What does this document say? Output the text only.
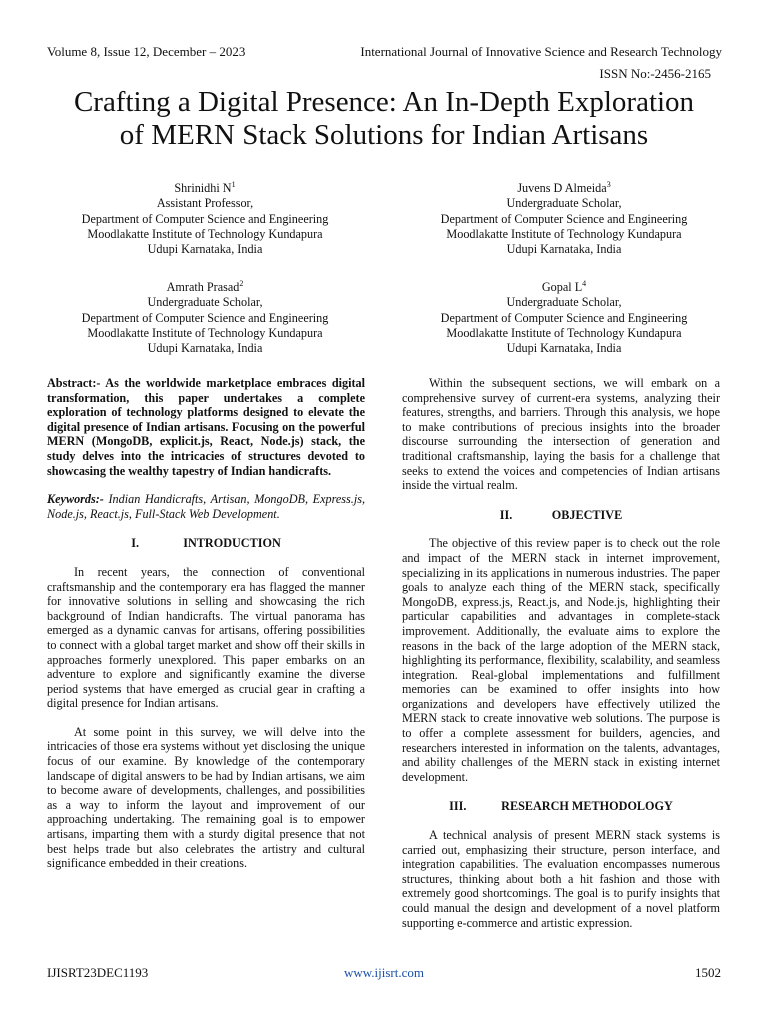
Volume 8, Issue 12, December – 2023	International Journal of Innovative Science and Research Technology
ISSN No:-2456-2165
Crafting a Digital Presence: An In-Depth Exploration
of MERN Stack Solutions for Indian Artisans
Shrinidhi $N^1$
Assistant Professor,
Department of Computer Science and Engineering
Moodlakatte Institute of Technology Kundapura
Udupi Karnataka, India
Juvens D Almeida$^3$
Undergraduate Scholar,
Department of Computer Science and Engineering
Moodlakatte Institute of Technology Kundapura
Udupi Karnataka, India
Amrath Prasad$^2$
Undergraduate Scholar,
Department of Computer Science and Engineering
Moodlakatte Institute of Technology Kundapura
Udupi Karnataka, India
Gopal $L^4$
Undergraduate Scholar,
Department of Computer Science and Engineering
Moodlakatte Institute of Technology Kundapura
Udupi Karnataka, India

Abstract:- As the worldwide marketplace embraces digital transformation, this paper undertakes a complete exploration of technology platforms designed to elevate the digital presence of Indian artisans. Focusing on the powerful MERN (MongoDB, explicit.js, React, Node.js) stack, the study delves into the intricacies of structures devoted to showcasing the wealthy tapestry of Indian handicrafts.

Keywords:- Indian Handicrafts, Artisan, MongoDB, Express.js, Node.js, React.js, Full-Stack Web Development.

I.	INTRODUCTION

In recent years, the connection of conventional craftsmanship and the contemporary era has flagged the manner for innovative solutions in selling and showcasing the rich background of Indian handicrafts. The virtual panorama has emerged as a dynamic canvas for artisans, offering possibilities to connect with a global target market and show off their skills in approaches formerly unexplored. This paper embarks on an adventure to explore and significantly examine the diverse period systems that have emerged as crucial gear in crafting a digital presence for Indian artisans.

At some point in this survey, we will delve into the intricacies of those era systems without yet disclosing the unique focus of our examine. By knowledge of the contemporary landscape of digital answers to be had by Indian artisans, we aim to become aware of developments, challenges, and possibilities as a way to inform the layout and improvement of our approaching undertaking. The remaining goal is to empower artisans, imparting them with a sturdy digital presence that not best helps trade but also celebrates the artistry and cultural significance embedded in their creations.

Within the subsequent sections, we will embark on a comprehensive survey of current-era systems, analyzing their features, strengths, and barriers. Through this analysis, we hope to make contributions of precious insights into the broader discourse surrounding the intersection of generation and traditional craftsmanship, laying the basis for a challenge that seeks to extend the voices and competencies of Indian artisans inside the virtual realm.

II.	OBJECTIVE

The objective of this review paper is to check out the role and impact of the MERN stack in internet improvement, specializing in its applications in numerous industries. The paper goals to analyze each thing of the MERN stack, specifically MongoDB, express.js, React.js, and Node.js, highlighting their particular capabilities and advantages in complete-stack improvement. Additionally, the evaluate aims to explore the reasons in the back of the large adoption of the MERN stack, highlighting its performance, flexibility, scalability, and seamless integration. Real-global implementations and fulfillment memories can be examined to offer insights into how organizations and developers have effectively utilized the MERN stack to create innovative web solutions. The purpose is to offer a complete assessment for builders, agencies, and researchers interested in information on the talents, advantages, and ability challenges of the MERN stack in existing internet development.

III.	RESEARCH METHODOLOGY

A technical analysis of present MERN stack systems is carried out, emphasizing their structure, person interface, and integration capabilities. The evaluation encompasses numerous structures, thinking about both a hit fashion and those with extremely good shortcomings. The goal is to purify insights that could manual the design and development of a novel platform supporting e-commerce and artistic expression.

IJISRT23DEC1193	www.ijisrt.com	1502
